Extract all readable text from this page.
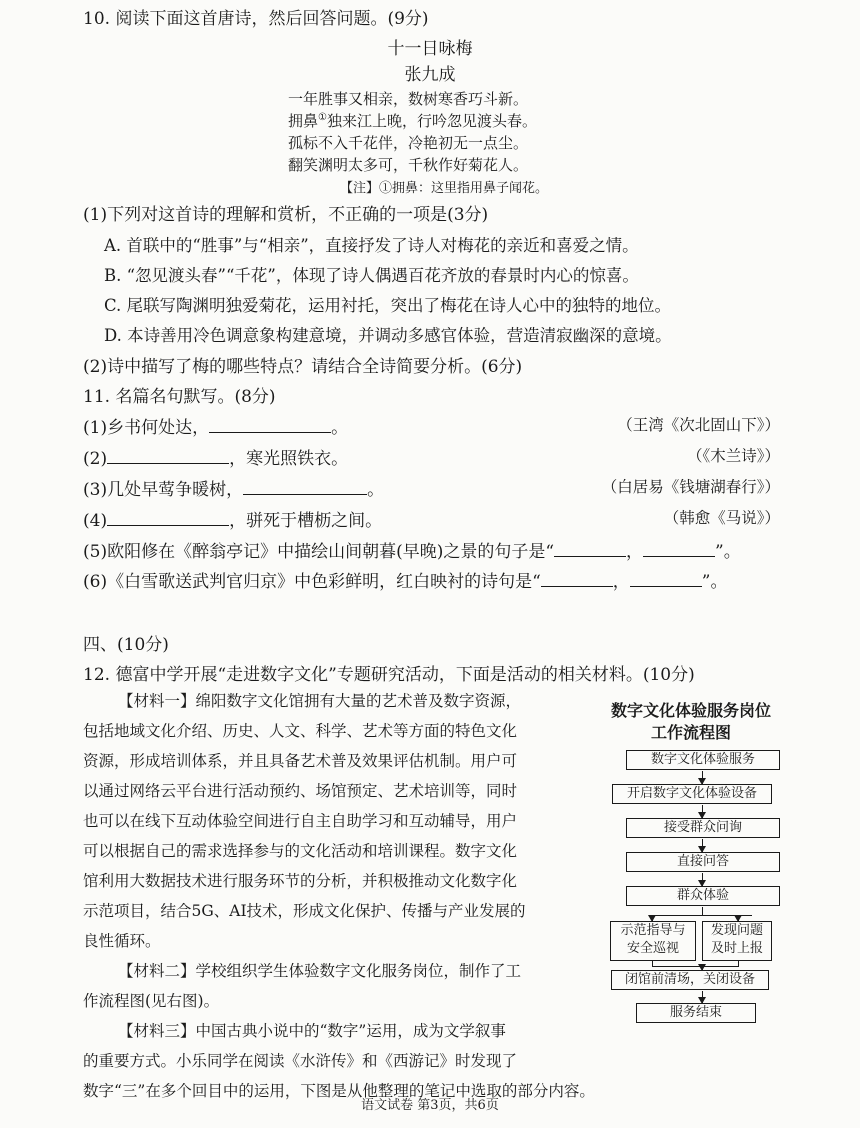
10. 阅读下面这首唐诗，然后回答问题。(9分)
十一日咏梅
张九成
一年胜事又相亲，数树寒香巧斗新。
拥鼻①独来江上晚，行吟忽见渡头春。
孤标不入千花伴，冷艳初无一点尘。
翻笑渊明太多可，千秋作好菊花人。
【注】①拥鼻：这里指用鼻子闻花。
(1)下列对这首诗的理解和赏析，不正确的一项是(3分)
A. 首联中的“胜事”与“相亲”，直接抒发了诗人对梅花的亲近和喜爱之情。
B. “忽见渡头春”“千花”，体现了诗人偶遇百花齐放的春景时内心的惊喜。
C. 尾联写陶渊明独爱菊花，运用衬托，突出了梅花在诗人心中的独特的地位。
D. 本诗善用冷色调意象构建意境，并调动多感官体验，营造清寂幽深的意境。
(2)诗中描写了梅的哪些特点？请结合全诗简要分析。(6分)
11. 名篇名句默写。(8分)
(1)乡书何处达，	。	（王湾《次北固山下》）
(2)	，寒光照铁衣。	（《木兰诗》）
(3)几处早莺争暖树，	。	（白居易《钱塘湖春行》）
(4)	，骈死于槽枥之间。	（韩愈《马说》）
(5)欧阳修在《醉翁亭记》中描绘山间朝暮(早晚)之景的句子是“	，	”。
(6)《白雪歌送武判官归京》中色彩鲜明，红白映衬的诗句是“	，	”。
四、(10分)
12. 德富中学开展“走进数字文化”专题研究活动，下面是活动的相关材料。(10分)
【材料一】绵阳数字文化馆拥有大量的艺术普及数字资源，
包括地域文化介绍、历史、人文、科学、艺术等方面的特色文化
资源，形成培训体系，并且具备艺术普及效果评估机制。用户可
以通过网络云平台进行活动预约、场馆预定、艺术培训等，同时
也可以在线下互动体验空间进行自主自助学习和互动辅导，用户
可以根据自己的需求选择参与的文化活动和培训课程。数字文化
馆利用大数据技术进行服务环节的分析，并积极推动文化数字化
示范项目，结合5G、AI技术，形成文化保护、传播与产业发展的
良性循环。
【材料二】学校组织学生体验数字文化服务岗位，制作了工
作流程图(见右图)。
【材料三】中国古典小说中的“数字”运用，成为文学叙事
的重要方式。小乐同学在阅读《水浒传》和《西游记》时发现了
数字“三”在多个回目中的运用，下图是从他整理的笔记中选取的部分内容。
数字文化体验服务岗位
工作流程图
数字文化体验服务
开启数字文化体验设备
接受群众问询
直接问答
群众体验
示范指导与
安全巡视
发现问题
及时上报
闭馆前清场，关闭设备
服务结束
语文试卷 第3页，共6页
